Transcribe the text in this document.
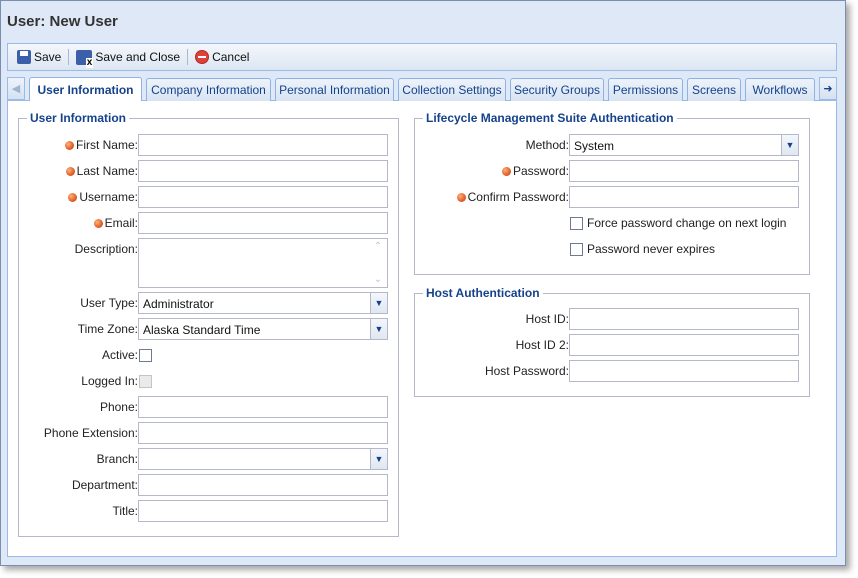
User: New User
Save
x	Save and Close	Cancel
◀	User Information	Company Information	Personal Information	Collection Settings	Security Groups	Permissions	Screens	Workflows	➜
User Information
First Name:
Last Name:
Username:
Email:
Description:	⌃
⌄
User Type: Administrator	▼
Time Zone: Alaska Standard Time	▼
Active:
Logged In:
Phone:
Phone Extension:
Branch:	▼
Department:
Title:
Lifecycle Management Suite Authentication
Method: System	▼
Password:
Confirm Password:
Force password change on next login
Password never expires
Host Authentication
Host ID:
Host ID 2:
Host Password:
